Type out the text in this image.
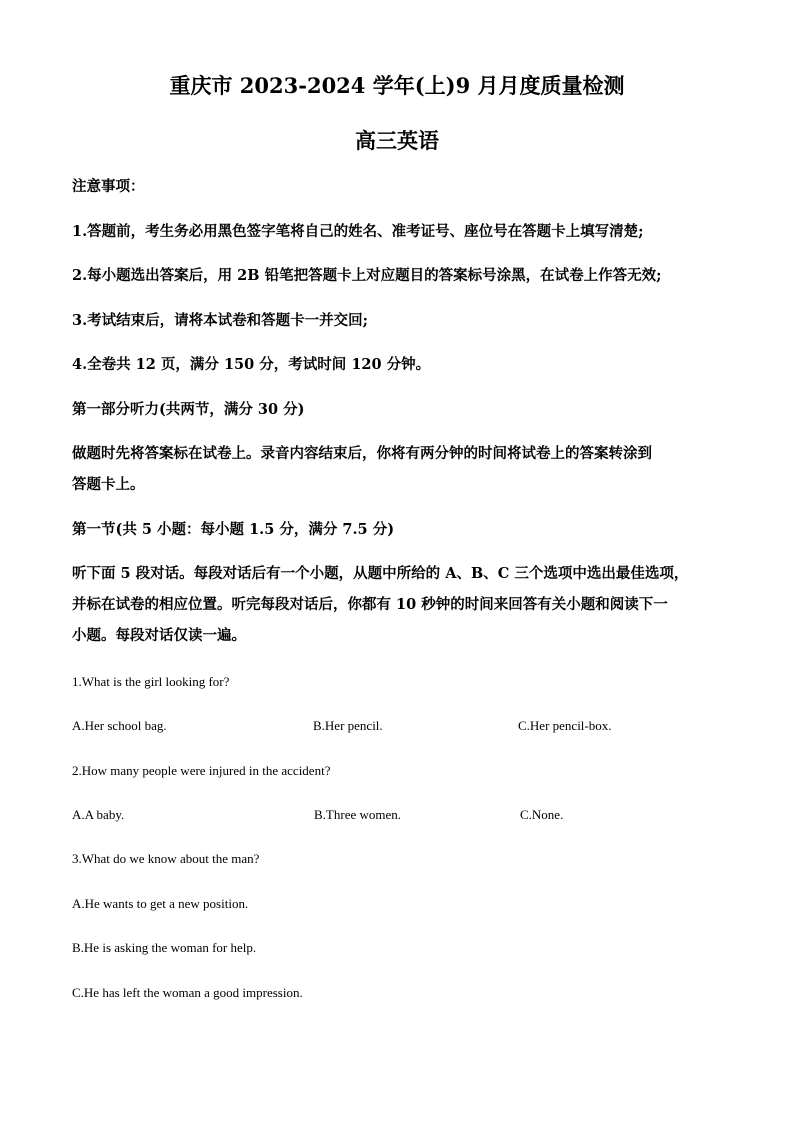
重庆市 2023-2024 学年(上)9 月月度质量检测
高三英语
注意事项：
1.答题前，考生务必用黑色签字笔将自己的姓名、准考证号、座位号在答题卡上填写清楚;
2.每小题选出答案后，用 2B 铅笔把答题卡上对应题目的答案标号涂黑，在试卷上作答无效;
3.考试结束后，请将本试卷和答题卡一并交回;
4.全卷共 12 页，满分 150 分，考试时间 120 分钟。
第一部分听力(共两节，满分 30 分)
做题时先将答案标在试卷上。录音内容结束后，你将有两分钟的时间将试卷上的答案转涂到
答题卡上。
第一节(共 5 小题：每小题 1.5 分，满分 7.5 分)
听下面 5 段对话。每段对话后有一个小题，从题中所给的 A、B、C 三个选项中选出最佳选项，
并标在试卷的相应位置。听完每段对话后，你都有 10 秒钟的时间来回答有关小题和阅读下一
小题。每段对话仅读一遍。
1.What is the girl looking for?
A.Her school bag.	B.Her pencil.	C.Her pencil-box.
2.How many people were injured in the accident?
A.A baby.	B.Three women.	C.None.
3.What do we know about the man?
A.He wants to get a new position.
B.He is asking the woman for help.
C.He has left the woman a good impression.
